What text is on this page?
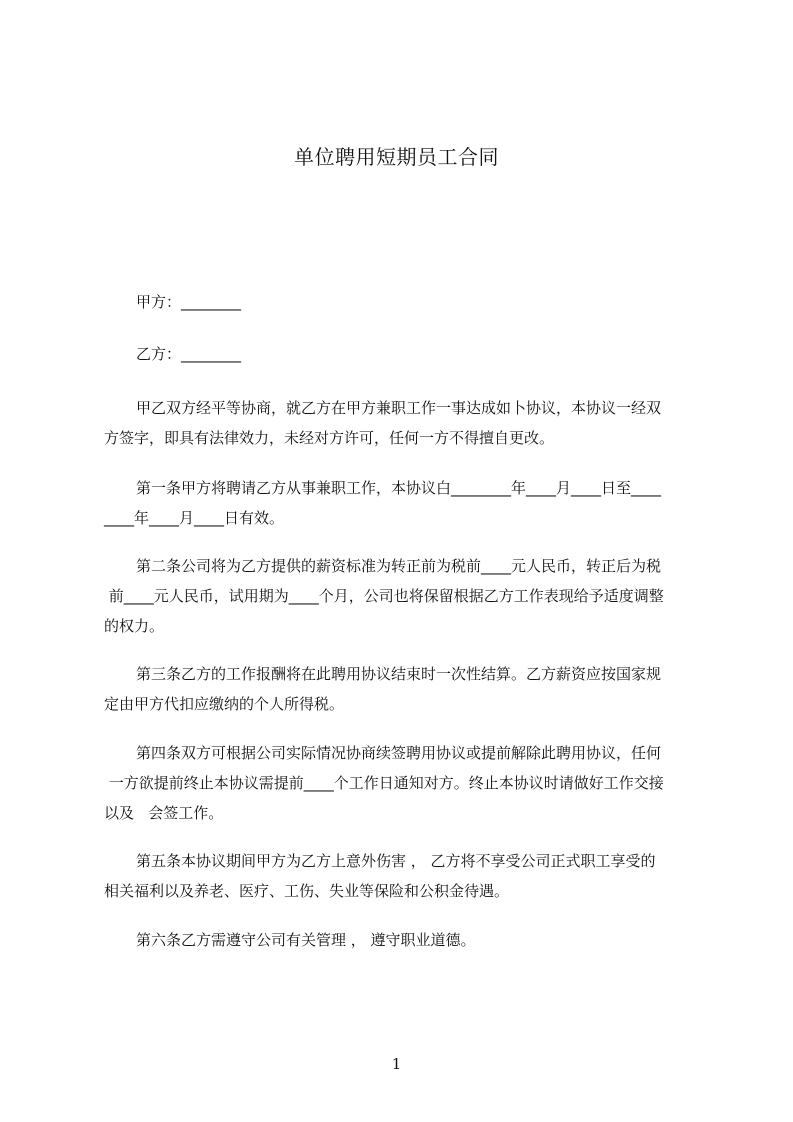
单位聘用短期员工合同
甲方：________
乙方：________
甲乙双方经平等协商，就乙方在甲方兼职工作一事达成如卜协议，本协议一经双
方签字，即具有法律效力，未经对方许可，任何一方不得擅自更改。
第一条甲方将聘请乙方从事兼职工作，本协议白________年____月____日至____
____年____月____日有效。
第二条公司将为乙方提供的薪资标准为转正前为税前____元人民币，转正后为税
前____元人民币，试用期为____个月，公司也将保留根据乙方工作表现给予适度调整
的权力。
第三条乙方的工作报酬将在此聘用协议结束时一次性结算。乙方薪资应按国家规
定由甲方代扣应缴纳的个人所得税。
第四条双方可根据公司实际情况协商续签聘用协议或提前解除此聘用协议，任何
一方欲提前终止本协议需提前____个工作日通知对方。终止本协议时请做好工作交接
以及   会签工作。
第五条本协议期间甲方为乙方上意外伤害 ， 乙方将不享受公司正式职工享受的
相关福利以及养老、医疗、工伤、失业等保险和公积金待遇。
第六条乙方需遵守公司有关管理 ， 遵守职业道德。
1
